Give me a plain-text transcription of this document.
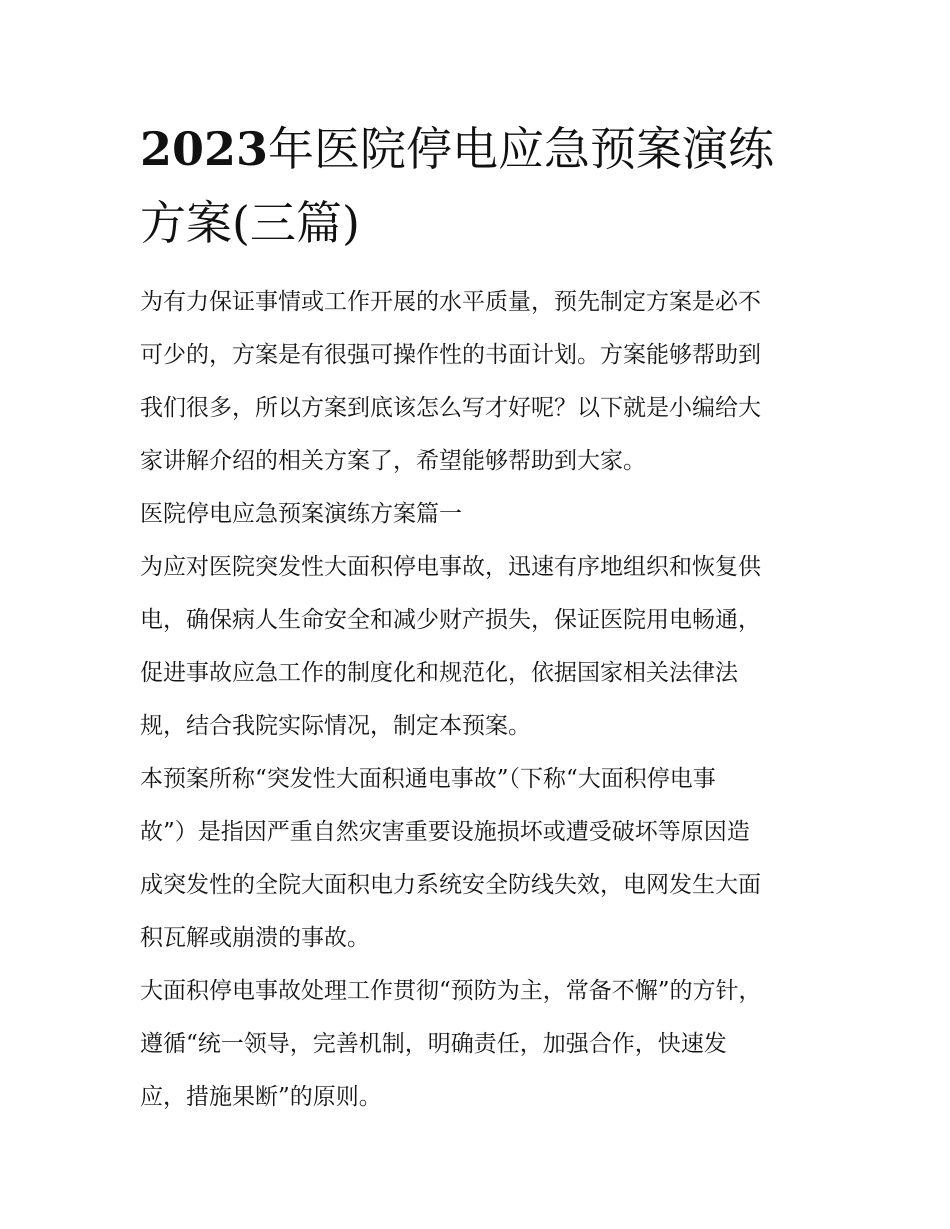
2023年医院停电应急预案演练
方案(三篇)
为有力保证事情或工作开展的水平质量，预先制定方案是必不
可少的，方案是有很强可操作性的书面计划。方案能够帮助到
我们很多，所以方案到底该怎么写才好呢？以下就是小编给大
家讲解介绍的相关方案了，希望能够帮助到大家。
医院停电应急预案演练方案篇一
为应对医院突发性大面积停电事故，迅速有序地组织和恢复供
电，确保病人生命安全和减少财产损失，保证医院用电畅通，
促进事故应急工作的制度化和规范化，依据国家相关法律法
规，结合我院实际情况，制定本预案。
本预案所称“突发性大面积通电事故”（下称“大面积停电事
故”）是指因严重自然灾害重要设施损坏或遭受破坏等原因造
成突发性的全院大面积电力系统安全防线失效，电网发生大面
积瓦解或崩溃的事故。
大面积停电事故处理工作贯彻“预防为主，常备不懈”的方针，
遵循“统一领导，完善机制，明确责任，加强合作，快速发
应，措施果断”的原则。
